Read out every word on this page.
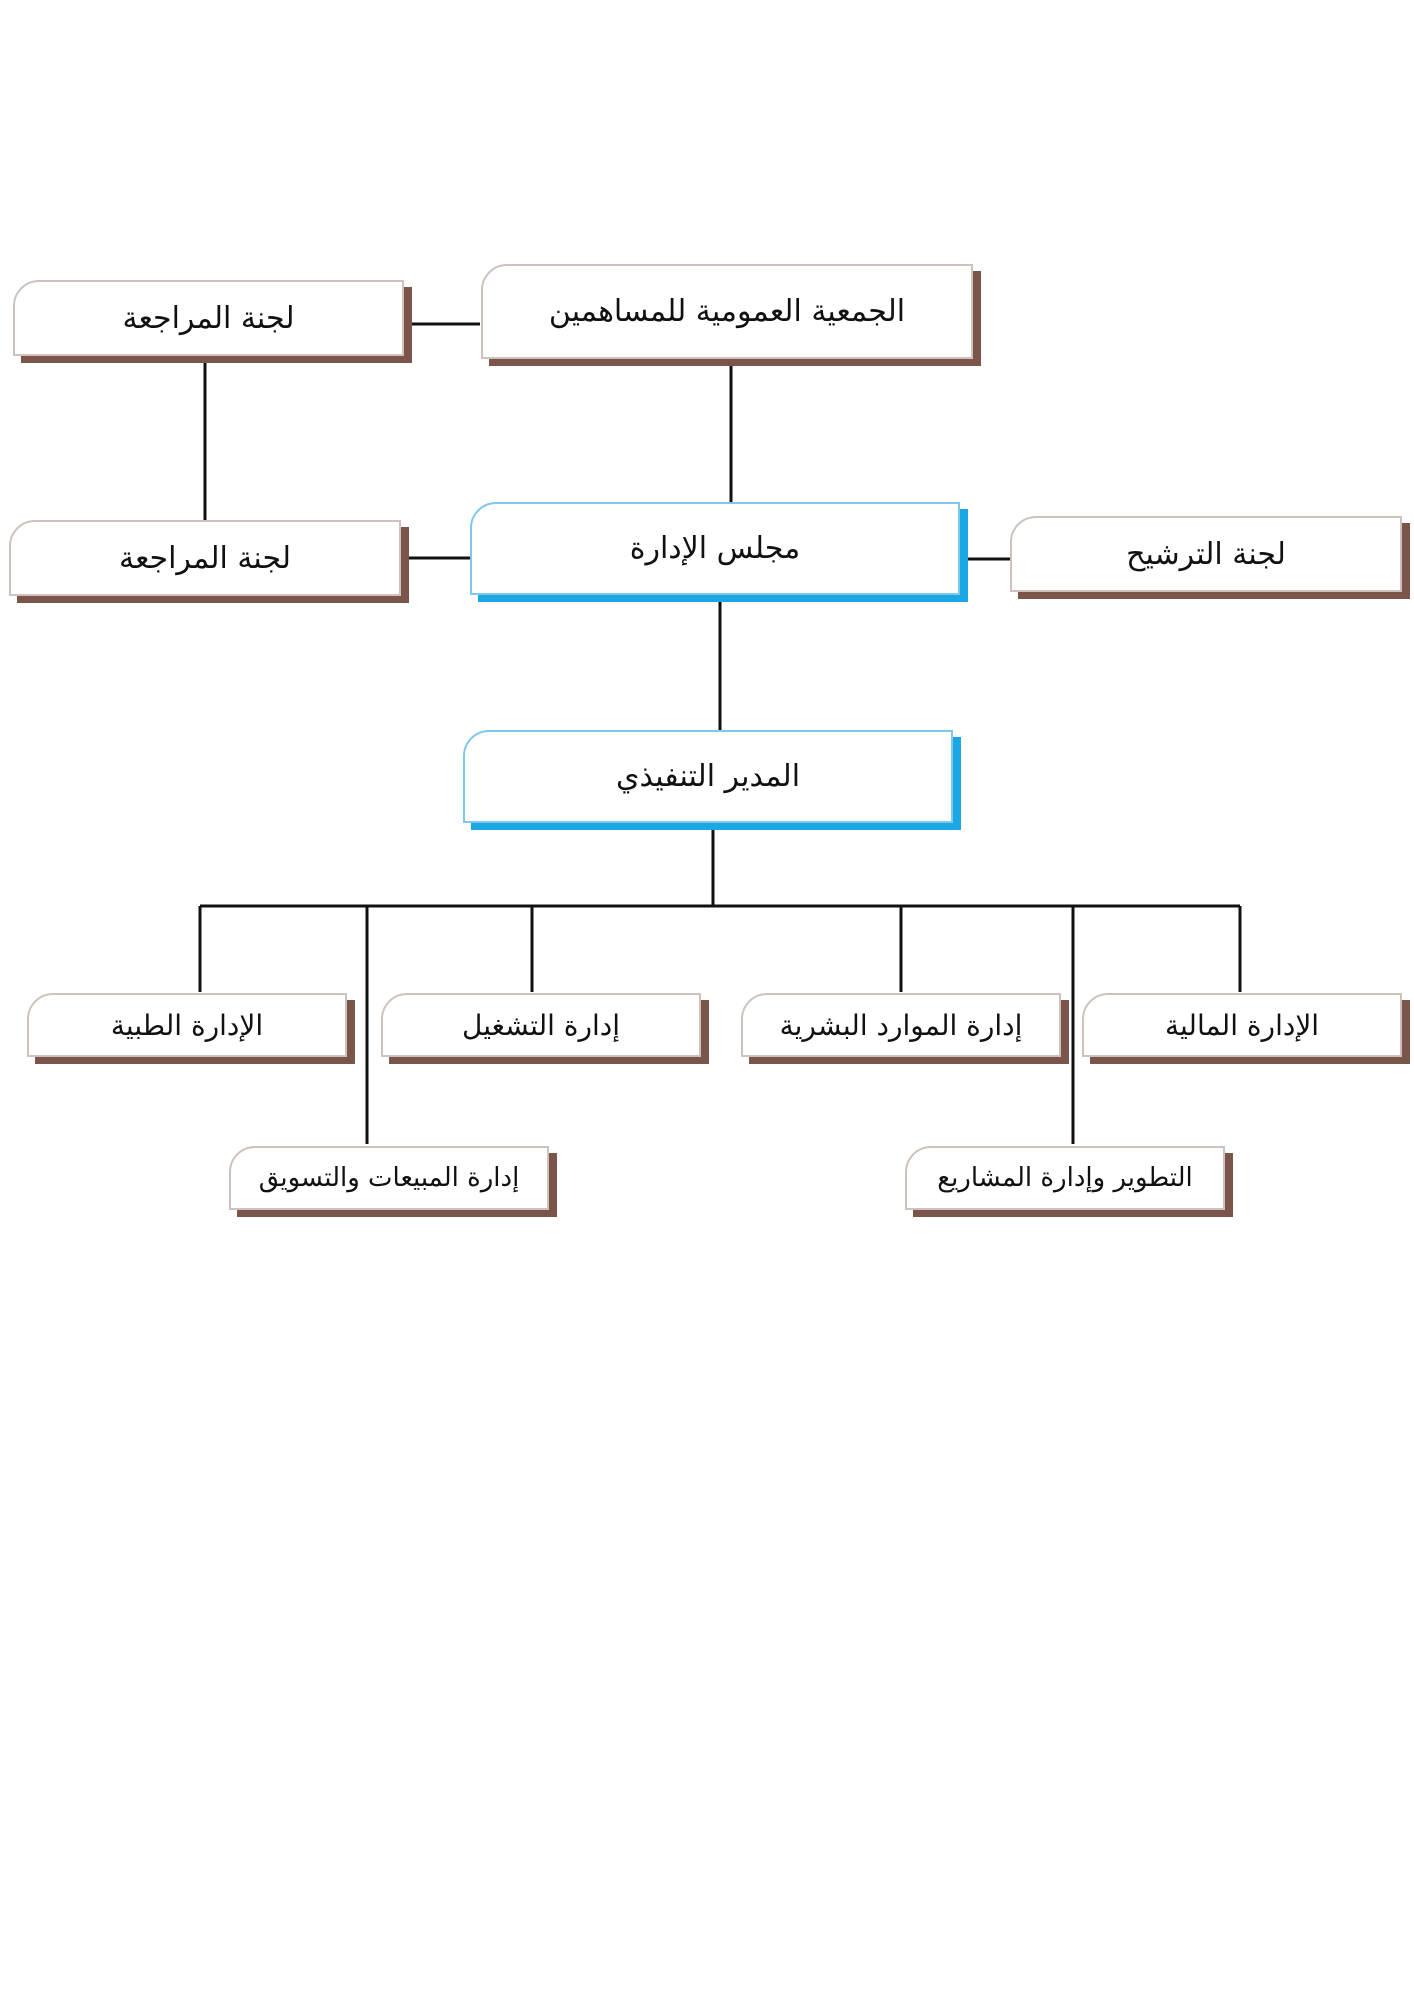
الجمعية العمومية للمساهمين
لجنة المراجعة
مجلس الإدارة
لجنة المراجعة	لجنة الترشيح
المدير التنفيذي
الإدارة الطبية	إدارة التشغيل	إدارة الموارد البشرية	الإدارة المالية
إدارة المبيعات والتسويق	التطوير وإدارة المشاريع
